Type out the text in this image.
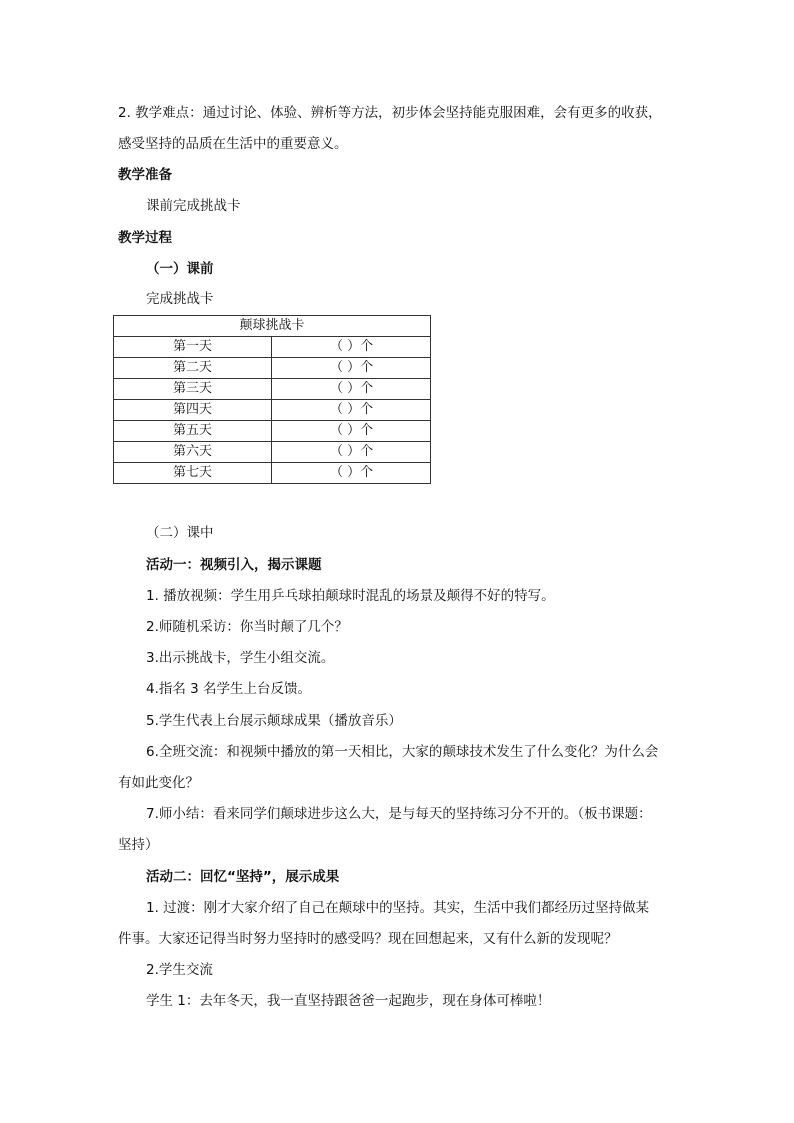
2. 教学难点：通过讨论、体验、辨析等方法，初步体会坚持能克服困难，会有更多的收获，
感受坚持的品质在生活中的重要意义。
教学准备
课前完成挑战卡
教学过程
（一）课前
完成挑战卡
颠球挑战卡	
第一天	（ ）个
第二天	（ ）个
第三天	（ ）个
第四天	（ ）个
第五天	（ ）个
第六天	（ ）个
第七天	（ ）个
（二）课中
活动一：视频引入，揭示课题
1. 播放视频：学生用乒乓球拍颠球时混乱的场景及颠得不好的特写。
2.师随机采访：你当时颠了几个？
3.出示挑战卡，学生小组交流。
4.指名 3 名学生上台反馈。
5.学生代表上台展示颠球成果（播放音乐）
6.全班交流：和视频中播放的第一天相比，大家的颠球技术发生了什么变化？为什么会
有如此变化？
7.师小结：看来同学们颠球进步这么大，是与每天的坚持练习分不开的。（板书课题：
坚持）
活动二：回忆“坚持”，展示成果
1. 过渡：刚才大家介绍了自己在颠球中的坚持。其实，生活中我们都经历过坚持做某
件事。大家还记得当时努力坚持时的感受吗？现在回想起来，又有什么新的发现呢？
2.学生交流
学生 1：去年冬天，我一直坚持跟爸爸一起跑步，现在身体可棒啦！
